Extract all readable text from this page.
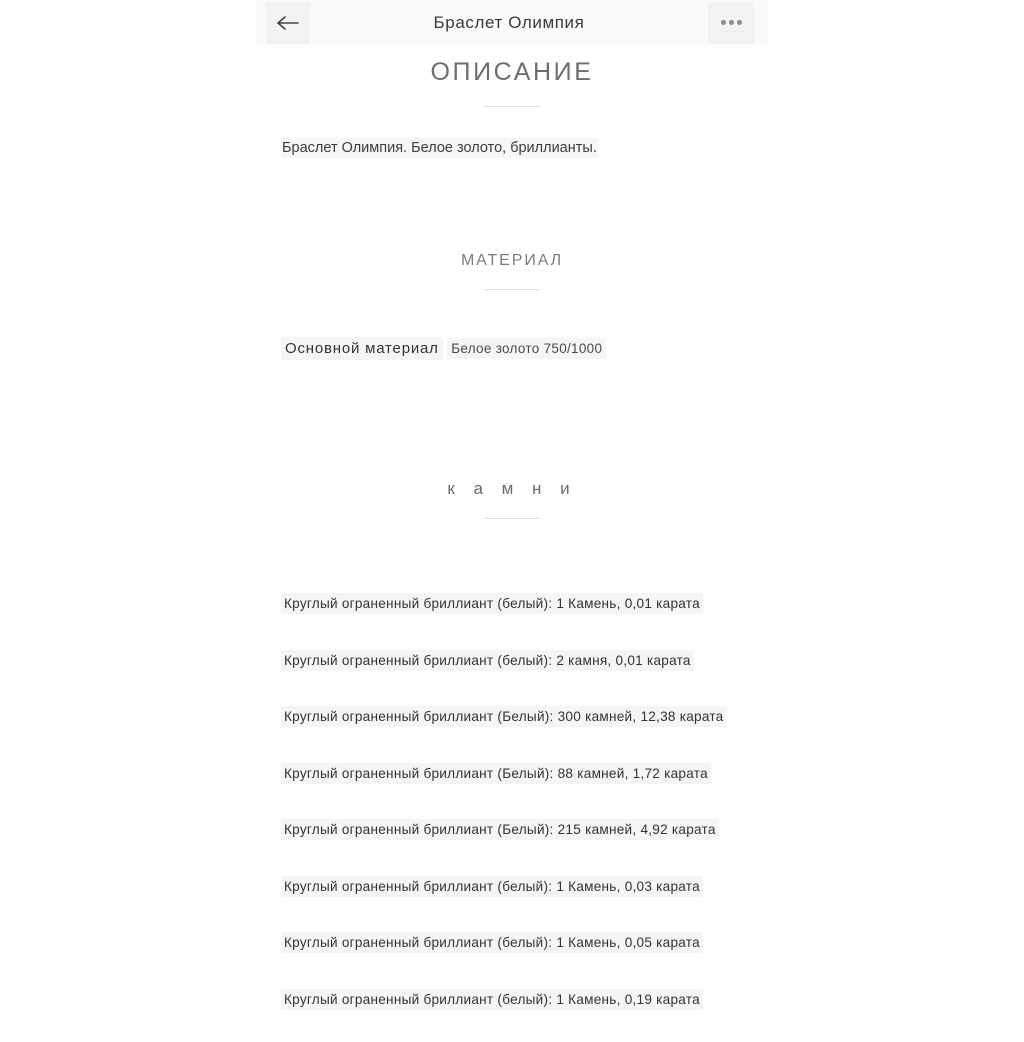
Браслет Олимпия
ОПИСАНИЕ
Браслет Олимпия. Белое золото, бриллианты.
МАТЕРИАЛ
Основной материал Белое золото 750/1000
к а м н и
Круглый ограненный бриллиант (белый): 1 Камень, 0,01 карата
Круглый ограненный бриллиант (белый): 2 камня, 0,01 карата
Круглый ограненный бриллиант (Белый): 300 камней, 12,38 карата
Круглый ограненный бриллиант (Белый): 88 камней, 1,72 карата
Круглый ограненный бриллиант (Белый): 215 камней, 4,92 карата
Круглый ограненный бриллиант (белый): 1 Камень, 0,03 карата
Круглый ограненный бриллиант (белый): 1 Камень, 0,05 карата
Круглый ограненный бриллиант (белый): 1 Камень, 0,19 карата
